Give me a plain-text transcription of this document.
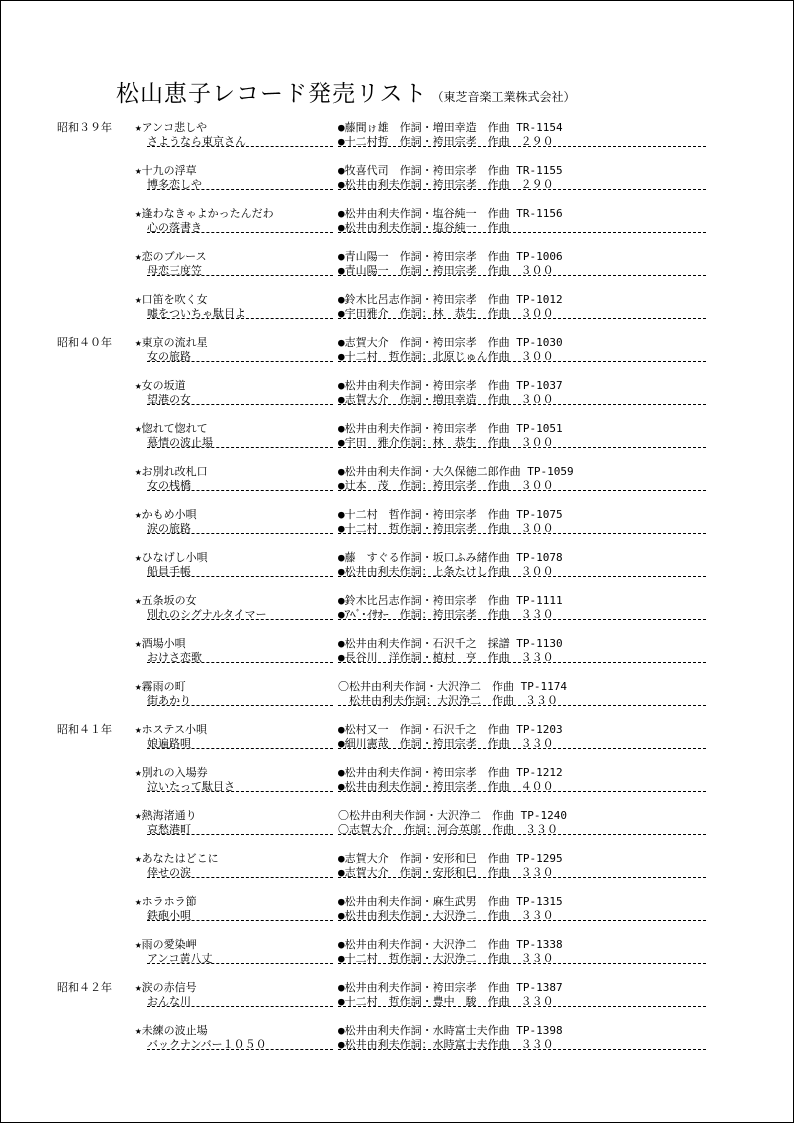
松山恵子レコード発売リスト （東芝音楽工業株式会社）
昭和３９年 ★アンコ悲しや
さようなら東京さん
●藤間ゖ雄　作詞・増田幸造　作曲 TR-1154
●十二村哲　作詞・袴田宗孝　作曲　２９０
★十九の浮草
博多恋しや
●牧喜代司　作詞・袴田宗孝　作曲 TR-1155
●松井由利夫作詞・袴田宗孝　作曲　２９０
★逢わなきゃよかったんだわ
心の落書き
●松井由利夫作詞・塩谷純一　作曲 TR-1156
●松井由利夫作詞・塩谷純一　作曲
★恋のブルース
母恋三度笠
●青山陽一　作詞・袴田宗孝　作曲 TP-1006
●青山陽一　作詞・袴田宗孝　作曲　３００
★口笛を吹く女
嘘をついちゃ駄目よ
●鈴木比呂志作詞・袴田宗孝　作曲 TP-1012
●宇田雅介　作詞：林　恭生　作曲　３００
昭和４０年 ★東京の流れ星
女の旅路
●志賀大介　作詞・袴田宗孝　作曲 TP-1030
●十二村　哲作詞：北原じゅん作曲　３００
★女の坂道
望港の女
●松井由利夫作詞・袴田宗孝　作曲 TP-1037
●志賀大介　作詞・増田幸造　作曲　３００
★惚れて惚れて
慕情の波止場
●松井由利夫作詞・袴田宗孝　作曲 TP-1051
●宇田　雅介作詞：林　恭生　作曲　３００
★お別れ改札口
女の桟橋
●松井由利夫作詞・大久保徳二郎作曲 TP-1059
●辻本　茂　作詞：袴田宗孝　作曲　３００
★かもめ小唄
涙の旅路
●十二村　哲作詞・袴田宗孝　作曲 TP-1075
●十二村　哲作詞・袴田宗孝　作曲　３００
★ひなげし小唄
船員手帳
●藤　すぐる作詞・坂口ふみ緒作曲 TP-1078
●松井由利夫作詞：上条たけし作曲　３００
★五条坂の女
別れのシグナルタイマー
●鈴木比呂志作詞・袴田宗孝　作曲 TP-1111
●ｱﾍﾞ･ｲｻｵｰ　作詞：袴田宗孝　作曲　３３０
★酒場小唄
おけさ恋歌
●松井由利夫作詞・石沢千之　採譜 TP-1130
●長谷川　洋作詞・植村　亨　作曲　３３０
★霧雨の町
街あかり
〇松井由利夫作詞・大沢浄二　作曲 TP-1174
　松井由利夫作詞：大沢浄二　作曲　３３０
昭和４１年 ★ホステス小唄
娘遍路唄
●松村又一　作詞・石沢千之　作曲 TP-1203
●細川憲哉　作詞・袴田宗孝　作曲　３３０
★別れの入場券
泣いたって駄目さ
●松井由利夫作詞・袴田宗孝　作曲 TP-1212
●松井由利夫作詞・袴田宗孝　作曲　４００
★熱海渚通り
哀愁港町
〇松井由利夫作詞・大沢浄二　作曲 TP-1240
〇志賀大介　作詞：河合英郎　作曲　３３０
★あなたはどこに
倖せの涙
●志賀大介　作詞・安形和巳　作曲 TP-1295
●志賀大介　作詞・安形和巳　作曲　３３０
★ホラホラ節
鉄砲小唄
●松井由利夫作詞・麻生武男　作曲 TP-1315
●松井由利夫作詞・大沢浄二　作曲　３３０
★雨の愛染岬
アンコ黄八丈
●松井由利夫作詞・大沢浄二　作曲 TP-1338
●十二村　哲作詞・大沢浄二　作曲　３３０
昭和４２年 ★涙の赤信号
おんな川
●松井由利夫作詞・袴田宗孝　作曲 TP-1387
●十二村　哲作詞・豊中　駿　作曲　３３０
★未練の波止場
バックナンバー１０５０
●松井由利夫作詞・水時富士夫作曲 TP-1398
●松井由利夫作詞：水時富士夫作曲　３３０
